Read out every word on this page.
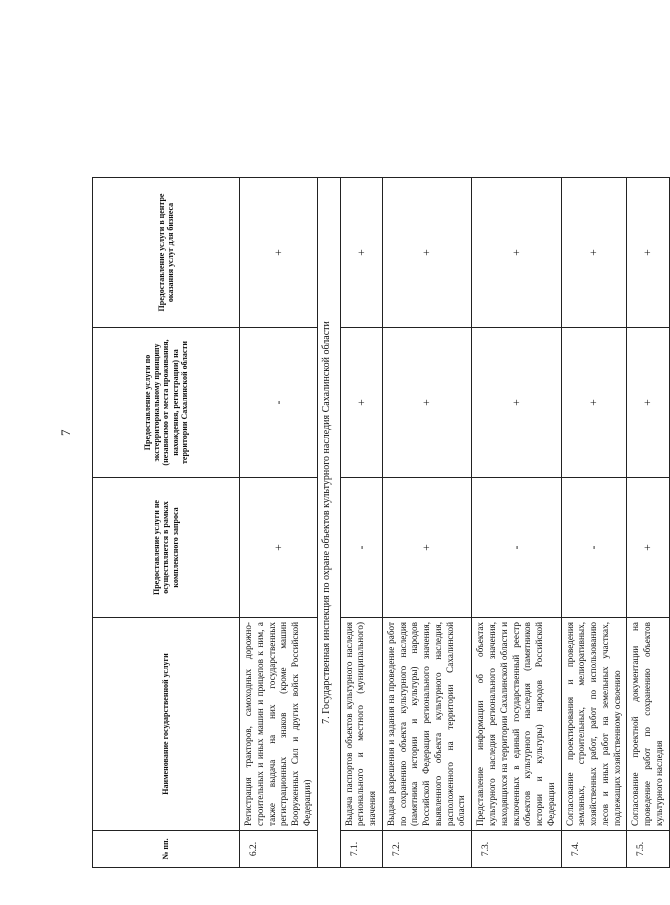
7
№ пп.	Наименование государственной услуги	Предоставление услуги не осуществляется в рамках комплексного запроса	Предоставление услуги по экстерриториальному принципу (независимо от места проживания, нахождения, регистрации) на территории Сахалинской области	Предоставление услуги в центре оказания услуг для бизнеса
6.2.	Регистрация тракторов, самоходных дорожно-строительных и иных машин и прицепов к ним, а также выдача на них государственных регистрационных знаков (кроме машин Вооруженных Сил и других войск Российской Федерации)	+	-	+
7. Государственная инспекция по охране объектов культурного наследия Сахалинской области				
7.1.	Выдача паспортов объектов культурного наследия регионального и местного (муниципального) значения	-	+	+
7.2.	Выдача разрешения и задания на проведение работ по сохранению объекта культурного наследия (памятника истории и культуры) народов Российской Федерации регионального значения, выявленного объекта культурного наследия, расположенного на территории Сахалинской области	+	+	+
7.3.	Представление информации об объектах культурного наследия регионального значения, находящихся на территории Сахалинской области и включенных в единый государственный реестр объектов культурного наследия (памятников истории и культуры) народов Российской Федерации	-	+	+
7.4.	Согласование проектирования и проведения земляных, строительных, мелиоративных, хозяйственных работ, работ по использованию лесов и иных работ на земельных участках, подлежащих хозяйственному освоению	-	+	+
7.5.	Согласование проектной документации на проведение работ по сохранению объектов культурного наследия	+	+	+
